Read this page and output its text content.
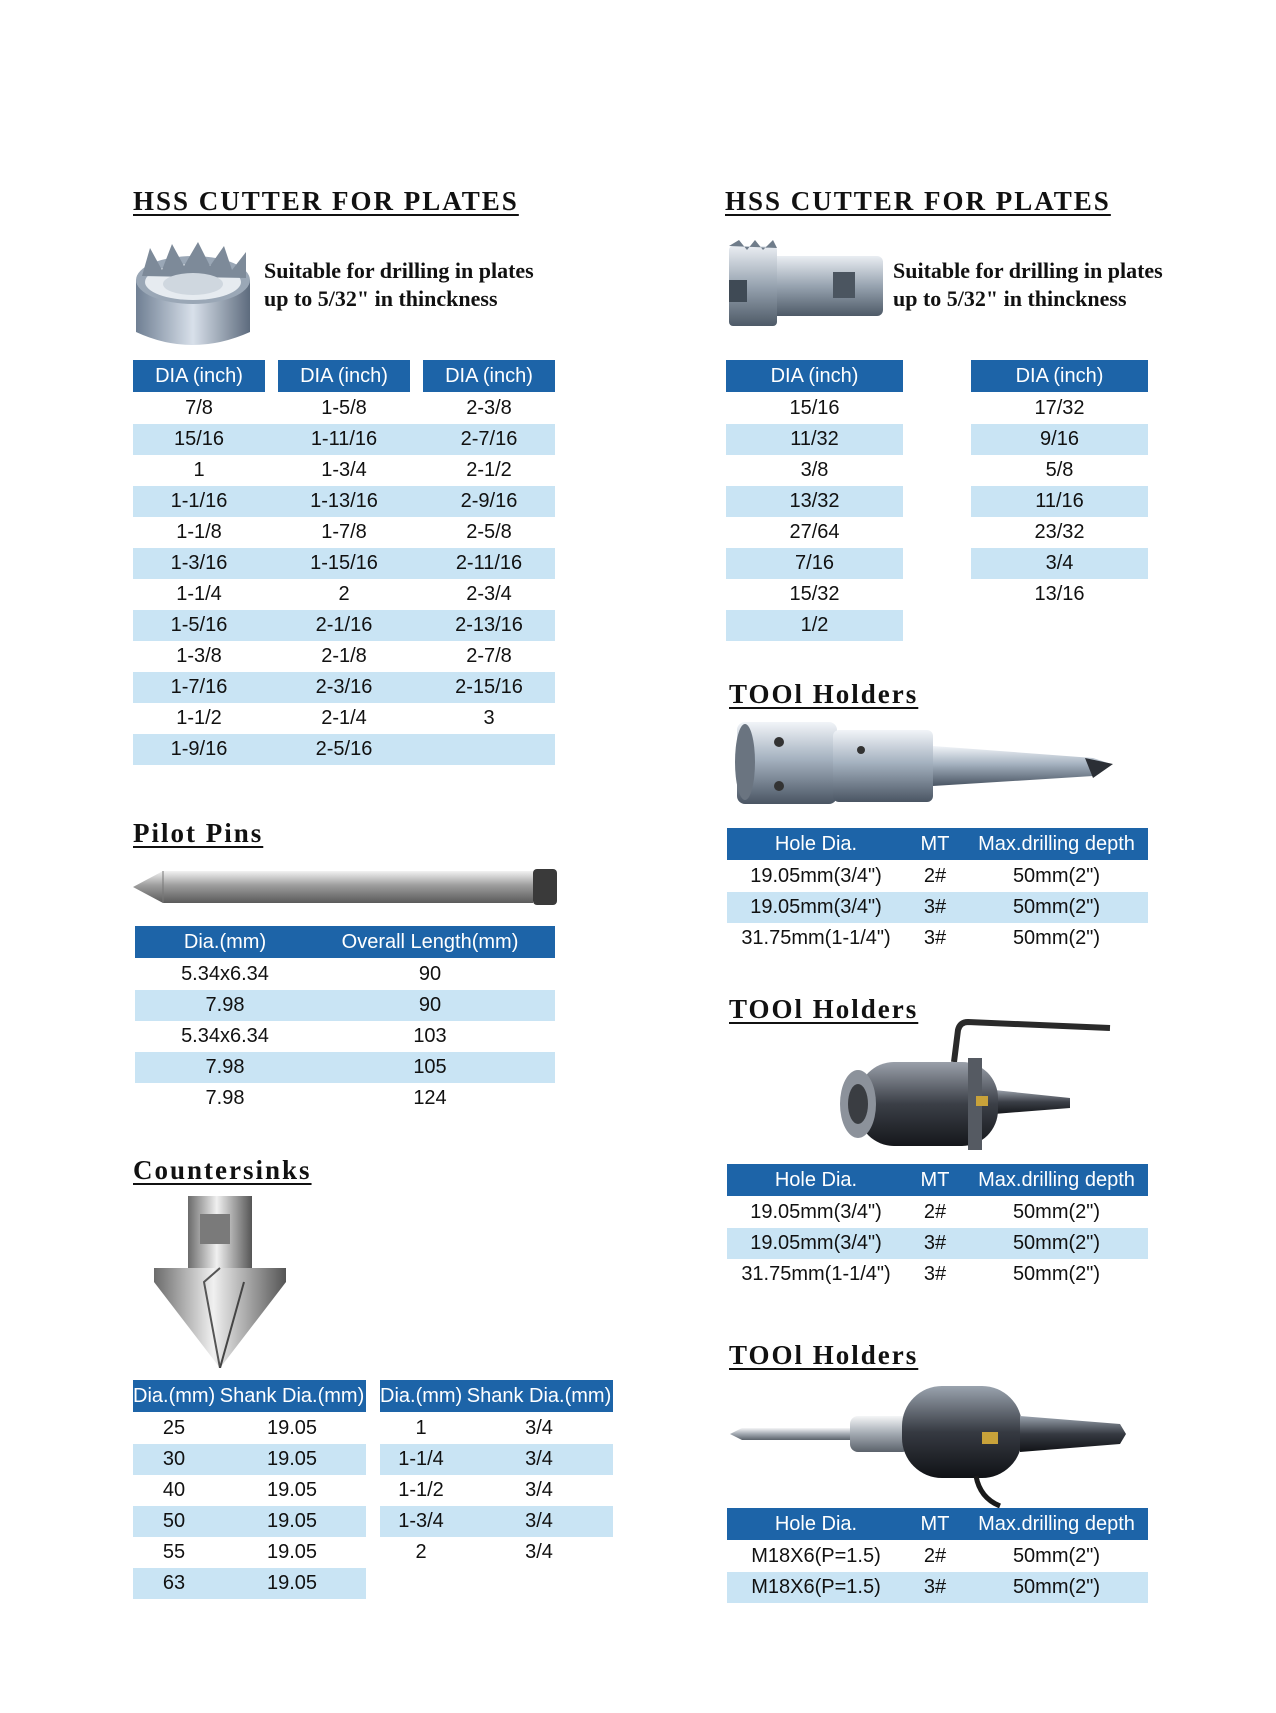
HSS CUTTER FOR PLATES
Suitable for drilling in plates
up to 5/32" in thinckness
DIA (inch)	DIA (inch)	DIA (inch)
7/8	1-5/8	2-3/8
15/16	1-11/16	2-7/16
1	1-3/4	2-1/2
1-1/16	1-13/16	2-9/16
1-1/8	1-7/8	2-5/8
1-3/16	1-15/16	2-11/16
1-1/4	2	2-3/4
1-5/16	2-1/16	2-13/16
1-3/8	2-1/8	2-7/8
1-7/16	2-3/16	2-15/16
1-1/2	2-1/4	3
1-9/16	2-5/16
Pilot Pins
Dia.(mm)	Overall Length(mm)
5.34x6.34	90
7.98	90
5.34x6.34	103
7.98	105
7.98	124
Countersinks
Dia.(mm) Shank Dia.(mm)
25	19.05
30	19.05
40	19.05
50	19.05
55	19.05
63	19.05
Dia.(mm) Shank Dia.(mm)
1	3/4
1-1/4	3/4
1-1/2	3/4
1-3/4	3/4
2	3/4
HSS CUTTER FOR PLATES
Suitable for drilling in plates
up to 5/32" in thinckness
DIA (inch)	DIA (inch)
15/16	17/32
11/32	9/16
3/8	5/8
13/32	11/16
27/64	23/32
7/16	3/4
15/32	13/16
1/2
TOOl Holders
Hole Dia.	MT	Max.drilling depth
19.05mm(3/4")	2#	50mm(2")
19.05mm(3/4")	3#	50mm(2")
31.75mm(1-1/4")	3#	50mm(2")
TOOl Holders
Hole Dia.	MT	Max.drilling depth
19.05mm(3/4")	2#	50mm(2")
19.05mm(3/4")	3#	50mm(2")
31.75mm(1-1/4")	3#	50mm(2")
TOOl Holders
Hole Dia.	MT	Max.drilling depth
M18X6(P=1.5)	2#	50mm(2")
M18X6(P=1.5)	3#	50mm(2")
